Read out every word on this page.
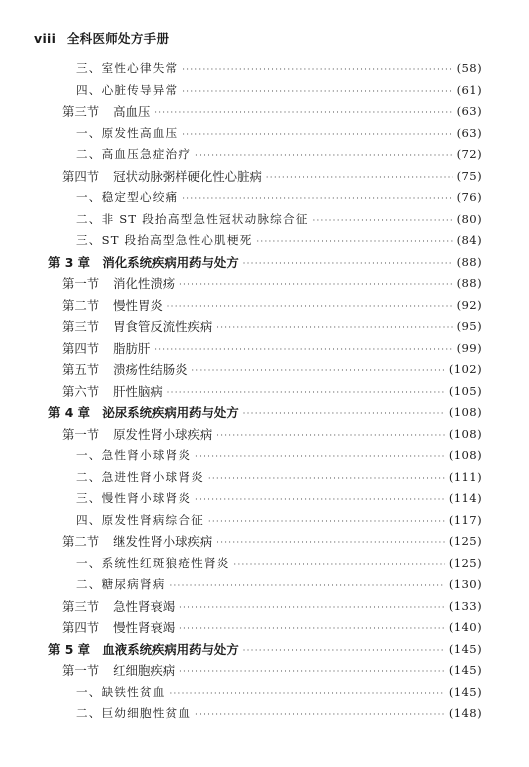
viii 全科医师处方手册
三、室性心律失常 ·····	(58)
四、心脏传导异常 ·····	(61)
第三节 高血压 ·····	(63)
一、原发性高血压 ·····	(63)
二、高血压急症治疗 ·····	(72)
第四节 冠状动脉粥样硬化性心脏病 ·····	(75)
一、稳定型心绞痛 ·····	(76)
二、非 ST 段抬高型急性冠状动脉综合征 ·····	(80)
三、ST 段抬高型急性心肌梗死 ·····	(84)
第 3 章　消化系统疾病用药与处方 ·····	(88)
第一节 消化性溃疡 ·····	(88)
第二节 慢性胃炎 ·····	(92)
第三节 胃食管反流性疾病 ·····	(95)
第四节 脂肪肝 ·····	(99)
第五节 溃疡性结肠炎 ·····	(102)
第六节 肝性脑病 ·····	(105)
第 4 章　泌尿系统疾病用药与处方 ·····	(108)
第一节 原发性肾小球疾病 ·····	(108)
一、急性肾小球肾炎 ·····	(108)
二、急进性肾小球肾炎 ·····	(111)
三、慢性肾小球肾炎 ·····	(114)
四、原发性肾病综合征 ·····	(117)
第二节 继发性肾小球疾病 ·····	(125)
一、系统性红斑狼疮性肾炎 ·····	(125)
二、糖尿病肾病 ·····	(130)
第三节 急性肾衰竭 ·····	(133)
第四节 慢性肾衰竭 ·····	(140)
第 5 章　血液系统疾病用药与处方 ·····	(145)
第一节 红细胞疾病 ·····	(145)
一、缺铁性贫血 ·····	(145)
二、巨幼细胞性贫血 ·····	(148)
